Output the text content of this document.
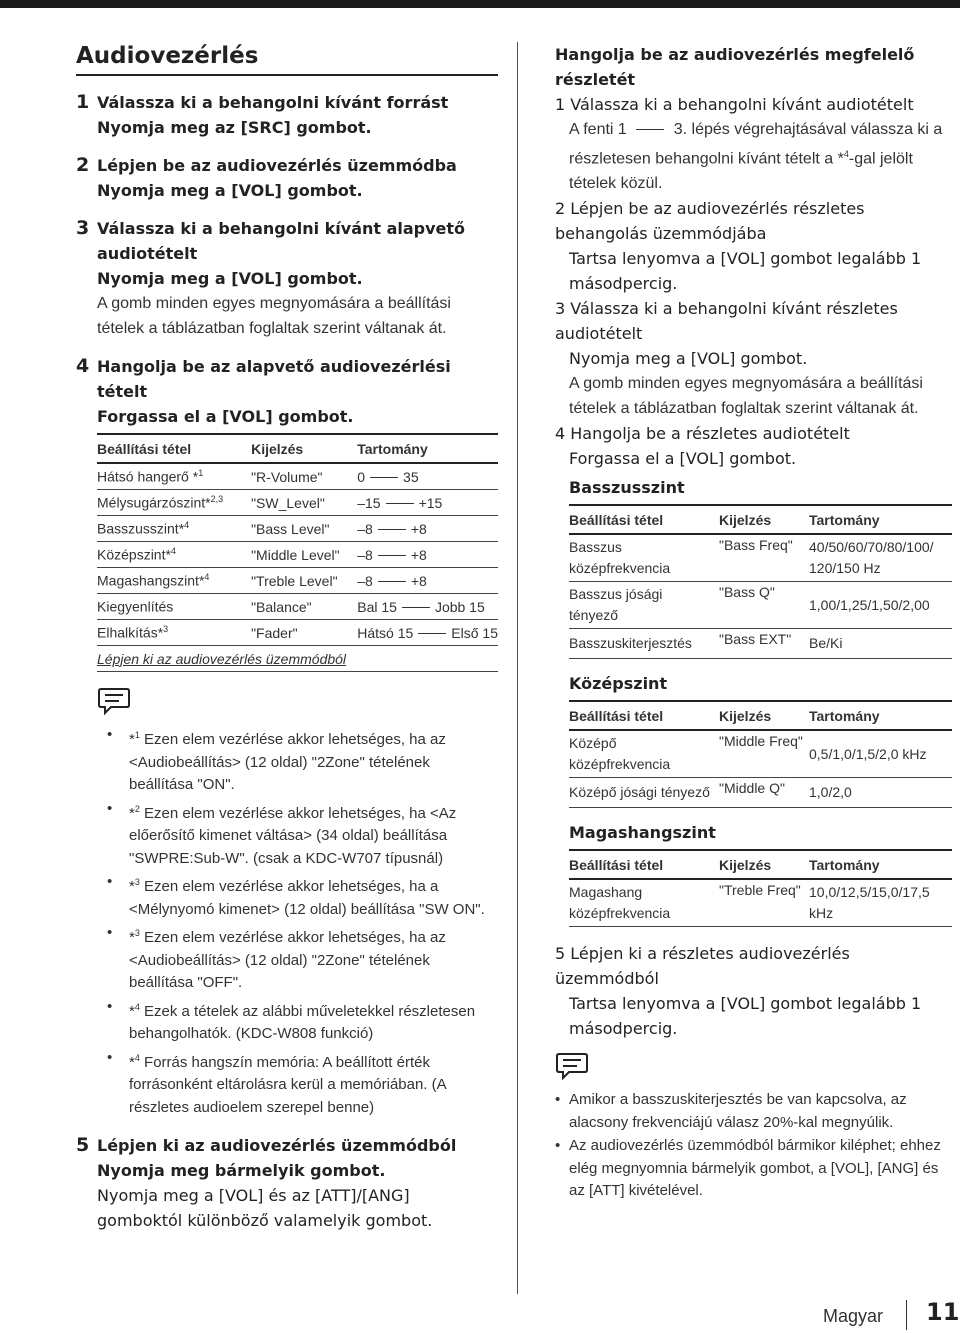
Audiovezérlés
1 Válassza ki a behangolni kívánt forrást
Nyomja meg az [SRC] gombot.
2 Lépjen be az audiovezérlés üzemmódba
Nyomja meg a [VOL] gombot.
3 Válassza ki a behangolni kívánt alapvető audiotételt
Nyomja meg a [VOL] gombot.
A gomb minden egyes megnyomására a beállítási tételek a táblázatban foglaltak szerint váltanak át.
4 Hangolja be az alapvető audiovezérlési tételt
Forgassa el a [VOL] gombot.
Beállítási tétel	Kijelzés	Tartomány
Hátsó hangerő *$^1$	"R-Volume"	0 35
Mélysugárzószint*$^{2,3}$	"SW_Level"	–15 +15
Basszusszint*$^4$	"Bass Level"	–8 +8
Középszint*$^4$	"Middle Level"	–8 +8
Magashangszint*$^4$	"Treble Level"	–8 +8
Kiegyenlítés	"Balance"	Bal 15 Jobb 15
Elhalkítás*$^3$	"Fader"	Hátsó 15 Első 15
Lépjen ki az audiovezérlés üzemmódból		
• *$^1$ Ezen elem vezérlése akkor lehetséges, ha az <Audiobeállítás> (12 oldal) "2Zone" tételének beállítása "ON".
• *$^2$ Ezen elem vezérlése akkor lehetséges, ha <Az előerősítő kimenet váltása> (34 oldal) beállítása "SWPRE:Sub-W". (csak a KDC-W707 típusnál)
• *$^3$ Ezen elem vezérlése akkor lehetséges, ha a <Mélynyomó kimenet> (12 oldal) beállítása "SW ON".
• *$^3$ Ezen elem vezérlése akkor lehetséges, ha az <Audiobeállítás> (12 oldal) "2Zone" tételének beállítása "OFF".
• *$^4$ Ezek a tételek az alábbi műveletekkel részletesen behangolhatók. (KDC-W808 funkció)
• *$^4$ Forrás hangszín memória: A beállított érték forrásonként eltárolásra kerül a memóriában. (A részletes audioelem szerepel benne)
5 Lépjen ki az audiovezérlés üzemmódból
Nyomja meg bármelyik gombot.
Nyomja meg a [VOL] és az [ATT]/[ANG] gomboktól különböző valamelyik gombot.
Hangolja be az audiovezérlés megfelelő részletét
1 Válassza ki a behangolni kívánt audiotételt
A fenti 1	3. lépés végrehajtásával válassza ki a részletesen behangolni kívánt tételt a *$^4$-gal jelölt tételek közül.
2 Lépjen be az audiovezérlés részletes behangolás üzemmódjába
Tartsa lenyomva a [VOL] gombot legalább 1 másodpercig.
3 Válassza ki a behangolni kívánt részletes audiotételt
Nyomja meg a [VOL] gombot.
A gomb minden egyes megnyomására a beállítási tételek a táblázatban foglaltak szerint váltanak át.
4 Hangolja be a részletes audiotételt
Forgassa el a [VOL] gombot.
Basszusszint
Beállítási tétel	Kijelzés	Tartomány
Basszus középfrekvencia	"Bass Freq"	40/50/60/70/80/100/ 120/150 Hz
Basszus jósági tényező	"Bass Q"	1,00/1,25/1,50/2,00
Basszuskiterjesztés	"Bass EXT"	Be/Ki
Középszint
Beállítási tétel	Kijelzés	Tartomány
Középő középfrekvencia	"Middle Freq"	0,5/1,0/1,5/2,0 kHz
Középő jósági tényező	"Middle Q"	1,0/2,0
Magashangszint
Beállítási tétel	Kijelzés	Tartomány
Magashang középfrekvencia	"Treble Freq"	10,0/12,5/15,0/17,5 kHz
5 Lépjen ki a részletes audiovezérlés üzemmódból
Tartsa lenyomva a [VOL] gombot legalább 1 másodpercig.
• Amikor a basszuskiterjesztés be van kapcsolva, az alacsony frekvenciájú válasz 20%-kal megnyúlik.
• Az audiovezérlés üzemmódból bármikor kiléphet; ehhez elég megnyomnia bármelyik gombot, a [VOL], [ANG] és az [ATT] kivételével.
Magyar 11
